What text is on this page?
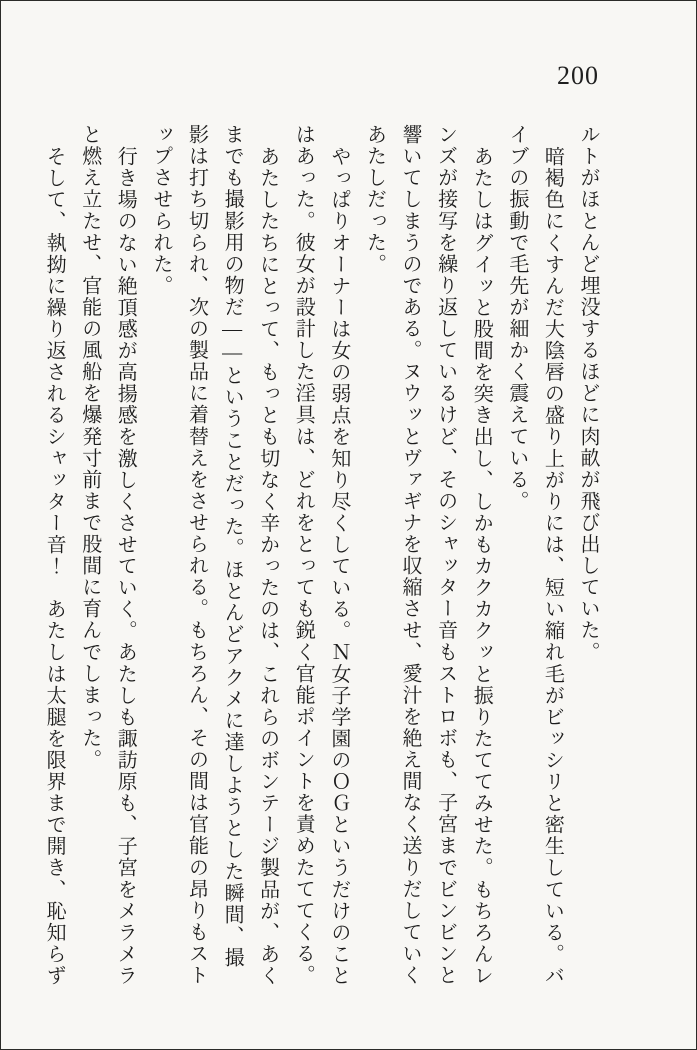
200

ルトがほとんど埋没するほどに肉畝が飛び出していた。

暗褐色にくすんだ大陰唇の盛り上がりには、短い縮れ毛がビッシリと密生している。バイブの振動で毛先が細かく震えている。

あたしはグイッと股間を突き出し、しかもカクカクッと振りたててみせた。もちろんレンズが接写を繰り返しているけど、そのシャッター音もストロボも、子宮までビンビンと響いてしまうのである。ヌウッとヴァギナを収縮させ、愛汁を絶え間なく送りだしていくあたしだった。

やっぱりオーナーは女の弱点を知り尽くしている。Ｎ女子学園のＯＧというだけのことはあった。彼女が設計した淫具は、どれをとっても鋭く官能ポイントを責めたててくる。

あたしたちにとって、もっとも切なく辛かったのは、これらのボンテージ製品が、あくまでも撮影用の物だ――ということだった。ほとんどアクメに達しようとした瞬間、撮影は打ち切られ、次の製品に着替えをさせられる。もちろん、その間は官能の昂りもストップさせられた。

行き場のない絶頂感が高揚感を激しくさせていく。あたしも諏訪原も、子宮をメラメラと燃え立たせ、官能の風船を爆発寸前まで股間に育んでしまった。

そして、執拗に繰り返されるシャッター音！　あたしは太腿を限界まで開き、恥知らず
